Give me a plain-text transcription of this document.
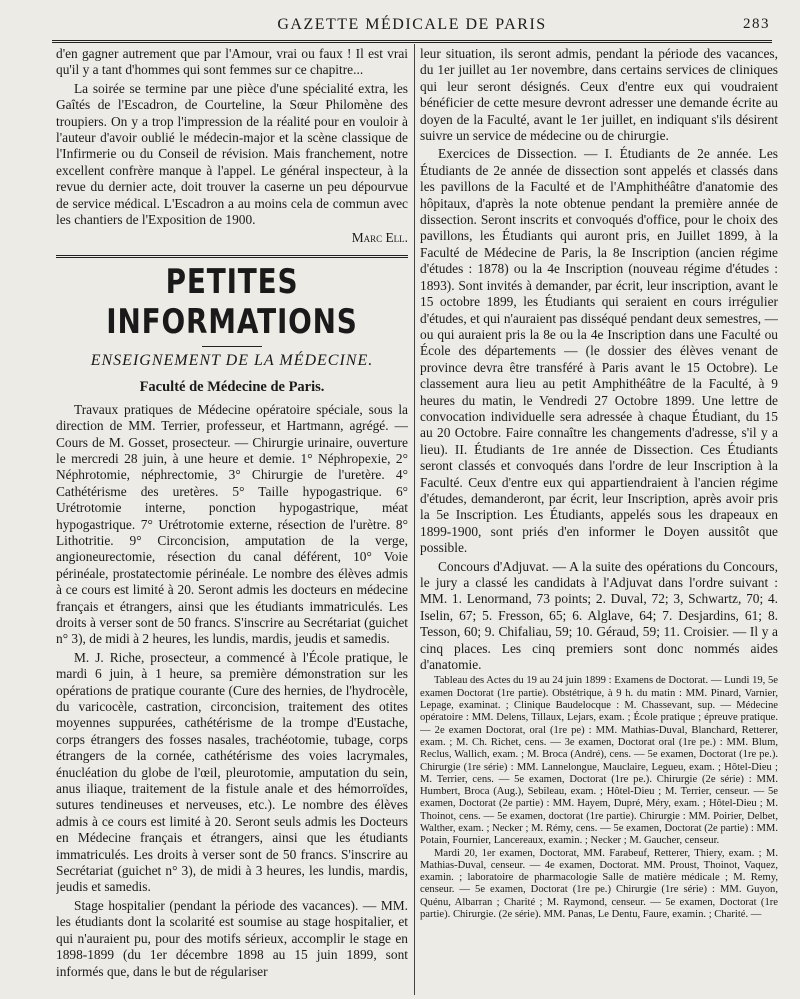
GAZETTE MÉDICALE DE PARIS	283

d'en gagner autrement que par l'Amour, vrai ou faux ! Il est vrai qu'il y a tant d'hommes qui sont femmes sur ce chapitre...

La soirée se termine par une pièce d'une spécialité extra, les Gaîtés de l'Escadron, de Courteline, la Sœur Philomène des troupiers. On y a trop l'impression de la réalité pour en vouloir à l'auteur d'avoir oublié le médecin-major et la scène classique de l'Infirmerie ou du Conseil de révision. Mais franchement, notre excellent confrère manque à l'appel. Le général inspecteur, à la revue du dernier acte, doit trouver la caserne un peu dépourvue de service médical. L'Escadron a au moins cela de commun avec les chantiers de l'Exposition de 1900.

Marc Ell.
PETITES INFORMATIONS
ENSEIGNEMENT DE LA MÉDECINE.
Faculté de Médecine de Paris.

Travaux pratiques de Médecine opératoire spéciale, sous la direction de MM. Terrier, professeur, et Hartmann, agrégé. — Cours de M. Gosset, prosecteur. — Chirurgie urinaire, ouverture le mercredi 28 juin, à une heure et demie. 1° Néphropexie, 2° Néphrotomie, néphrectomie, 3° Chirurgie de l'uretère. 4° Cathétérisme des uretères. 5° Taille hypogastrique. 6° Urétrotomie interne, ponction hypogastrique, méat hypogastrique. 7° Urétrotomie externe, résection de l'urètre. 8° Lithotritie. 9° Circoncision, amputation de la verge, angioneurectomie, résection du canal déférent, 10° Voie périnéale, prostatectomie périnéale. Le nombre des élèves admis à ce cours est limité à 20. Seront admis les docteurs en médecine français et étrangers, ainsi que les étudiants immatriculés. Les droits à verser sont de 50 francs. S'inscrire au Secrétariat (guichet n° 3), de midi à 2 heures, les lundis, mardis, jeudis et samedis.

M. J. Riche, prosecteur, a commencé à l'École pratique, le mardi 6 juin, à 1 heure, sa première démonstration sur les opérations de pratique courante (Cure des hernies, de l'hydrocèle, du varicocèle, castration, circoncision, traitement des otites moyennes suppurées, cathétérisme de la trompe d'Eustache, corps étrangers des fosses nasales, trachéotomie, tubage, corps étrangers de la cornée, cathétérisme des voies lacrymales, énucléation du globe de l'œil, pleurotomie, amputation du sein, anus iliaque, traitement de la fistule anale et des hémorroïdes, sutures tendineuses et nerveuses, etc.). Le nombre des élèves admis à ce cours est limité à 20. Seront seuls admis les Docteurs en Médecine français et étrangers, ainsi que les étudiants immatriculés. Les droits à verser sont de 50 francs. S'inscrire au Secrétariat (guichet n° 3), de midi à 3 heures, les lundis, mardis, jeudis et samedis.

Stage hospitalier (pendant la période des vacances). — MM. les étudiants dont la scolarité est soumise au stage hospitalier, et qui n'auraient pu, pour des motifs sérieux, accomplir le stage en 1898-1899 (du 1er décembre 1898 au 15 juin 1899, sont informés que, dans le but de régulariser

leur situation, ils seront admis, pendant la période des vacances, du 1er juillet au 1er novembre, dans certains services de cliniques qui leur seront désignés. Ceux d'entre eux qui voudraient bénéficier de cette mesure devront adresser une demande écrite au doyen de la Faculté, avant le 1er juillet, en indiquant s'ils désirent suivre un service de médecine ou de chirurgie.

Exercices de Dissection. — I. Étudiants de 2e année. Les Étudiants de 2e année de dissection sont appelés et classés dans les pavillons de la Faculté et de l'Amphithéâtre d'anatomie des hôpitaux, d'après la note obtenue pendant la première année de dissection. Seront inscrits et convoqués d'office, pour le choix des pavillons, les Étudiants qui auront pris, en Juillet 1899, à la Faculté de Médecine de Paris, la 8e Inscription (ancien régime d'études : 1878) ou la 4e Inscription (nouveau régime d'études : 1893). Sont invités à demander, par écrit, leur inscription, avant le 15 octobre 1899, les Étudiants qui seraient en cours irrégulier d'études, et qui n'auraient pas disséqué pendant deux semestres, — ou qui auraient pris la 8e ou la 4e Inscription dans une Faculté ou École des départements — (le dossier des élèves venant de province devra être transféré à Paris avant le 15 Octobre). Le classement aura lieu au petit Amphithéâtre de la Faculté, à 9 heures du matin, le Vendredi 27 Octobre 1899. Une lettre de convocation individuelle sera adressée à chaque Étudiant, du 15 au 20 Octobre. Faire connaître les changements d'adresse, s'il y a lieu). II. Étudiants de 1re année de Dissection. Ces Étudiants seront classés et convoqués dans l'ordre de leur Inscription à la Faculté. Ceux d'entre eux qui appartiendraient à l'ancien régime d'études, demanderont, par écrit, leur Inscription, après avoir pris la 5e Inscription. Les Étudiants, appelés sous les drapeaux en 1899-1900, sont priés d'en informer le Doyen aussitôt que possible.

Concours d'Adjuvat. — A la suite des opérations du Concours, le jury a classé les candidats à l'Adjuvat dans l'ordre suivant : MM. 1. Lenormand, 73 points; 2. Duval, 72; 3, Schwartz, 70; 4. Iselin, 67; 5. Fresson, 65; 6. Alglave, 64; 7. Desjardins, 61; 8. Tesson, 60; 9. Chifaliau, 59; 10. Géraud, 59; 11. Croisier. — Il y a cinq places. Les cinq premiers sont donc nommés aides d'anatomie.

Tableau des Actes du 19 au 24 juin 1899 : Examens de Doctorat. — Lundi 19, 5e examen Doctorat (1re partie). Obstétrique, à 9 h. du matin : MM. Pinard, Varnier, Lepage, examinat. ; Clinique Baudelocque : M. Chassevant, sup. — Médecine opératoire : MM. Delens, Tillaux, Lejars, exam. ; École pratique ; épreuve pratique. — 2e examen Doctorat, oral (1re pe) : MM. Mathias-Duval, Blanchard, Retterer, exam. ; M. Ch. Richet, cens. — 3e examen, Doctorat oral (1re pe.) : MM. Blum, Reclus, Wallich, exam. ; M. Broca (André), cens. — 5e examen, Doctorat (1re pe.). Chirurgie (1re série) : MM. Lannelongue, Mauclaire, Legueu, exam. ; Hôtel-Dieu ; M. Terrier, cens. — 5e examen, Doctorat (1re pe.). Chirurgie (2e série) : MM. Humbert, Broca (Aug.), Sebileau, exam. ; Hôtel-Dieu ; M. Terrier, censeur. — 5e examen, Doctorat (2e partie) : MM. Hayem, Dupré, Méry, exam. ; Hôtel-Dieu ; M. Thoinot, cens. — 5e examen, doctorat (1re partie). Chirurgie : MM. Poirier, Delbet, Walther, exam. ; Necker ; M. Rémy, cens. — 5e examen, Doctorat (2e partie) : MM. Potain, Fournier, Lancereaux, examin. ; Necker ; M. Gaucher, censeur.

Mardi 20, 1er examen, Doctorat, MM. Farabeuf, Retterer, Thiery, exam. ; M. Mathias-Duval, censeur. — 4e examen, Doctorat. MM. Proust, Thoinot, Vaquez, examin. ; laboratoire de pharmacologie Salle de matière médicale ; M. Remy, censeur. — 5e examen, Doctorat (1re pe.) Chirurgie (1re série) : MM. Guyon, Quénu, Albarran ; Charité ; M. Raymond, censeur. — 5e examen, Doctorat (1re partie). Chirurgie. (2e série). MM. Panas, Le Dentu, Faure, examin. ; Charité. —
